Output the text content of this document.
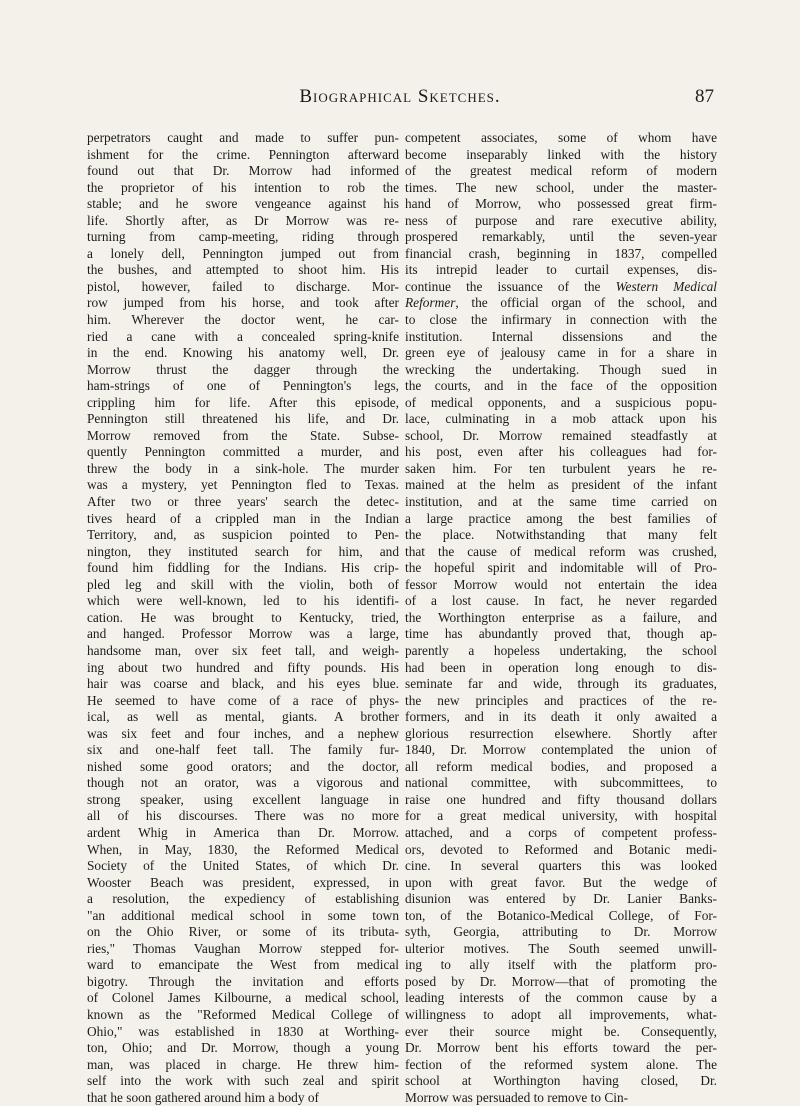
Biographical Sketches.	87
perpetrators caught and made to suffer pun-
ishment for the crime. Pennington afterward
found out that Dr. Morrow had informed
the proprietor of his intention to rob the
stable; and he swore vengeance against his
life. Shortly after, as Dr Morrow was re-
turning from camp-meeting, riding through
a lonely dell, Pennington jumped out from
the bushes, and attempted to shoot him. His
pistol, however, failed to discharge. Mor-
row jumped from his horse, and took after
him. Wherever the doctor went, he car-
ried a cane with a concealed spring-knife
in the end. Knowing his anatomy well, Dr.
Morrow thrust the dagger through the
ham-strings of one of Pennington's legs,
crippling him for life. After this episode,
Pennington still threatened his life, and Dr.
Morrow removed from the State. Subse-
quently Pennington committed a murder, and
threw the body in a sink-hole. The murder
was a mystery, yet Pennington fled to Texas.
After two or three years' search the detec-
tives heard of a crippled man in the Indian
Territory, and, as suspicion pointed to Pen-
nington, they instituted search for him, and
found him fiddling for the Indians. His crip-
pled leg and skill with the violin, both of
which were well-known, led to his identifi-
cation. He was brought to Kentucky, tried,
and hanged. Professor Morrow was a large,
handsome man, over six feet tall, and weigh-
ing about two hundred and fifty pounds. His
hair was coarse and black, and his eyes blue.
He seemed to have come of a race of phys-
ical, as well as mental, giants. A brother
was six feet and four inches, and a nephew
six and one-half feet tall. The family fur-
nished some good orators; and the doctor,
though not an orator, was a vigorous and
strong speaker, using excellent language in
all of his discourses. There was no more
ardent Whig in America than Dr. Morrow.
When, in May, 1830, the Reformed Medical
Society of the United States, of which Dr.
Wooster Beach was president, expressed, in
a resolution, the expediency of establishing
"an additional medical school in some town
on the Ohio River, or some of its tributa-
ries," Thomas Vaughan Morrow stepped for-
ward to emancipate the West from medical
bigotry. Through the invitation and efforts
of Colonel James Kilbourne, a medical school,
known as the "Reformed Medical College of
Ohio," was established in 1830 at Worthing-
ton, Ohio; and Dr. Morrow, though a young
man, was placed in charge. He threw him-
self into the work with such zeal and spirit
that he soon gathered around him a body of
competent associates, some of whom have
become inseparably linked with the history
of the greatest medical reform of modern
times. The new school, under the master-
hand of Morrow, who possessed great firm-
ness of purpose and rare executive ability,
prospered remarkably, until the seven-year
financial crash, beginning in 1837, compelled
its intrepid leader to curtail expenses, dis-
continue the issuance of the Western Medical
Reformer, the official organ of the school, and
to close the infirmary in connection with the
institution. Internal dissensions and the
green eye of jealousy came in for a share in
wrecking the undertaking. Though sued in
the courts, and in the face of the opposition
of medical opponents, and a suspicious popu-
lace, culminating in a mob attack upon his
school, Dr. Morrow remained steadfastly at
his post, even after his colleagues had for-
saken him. For ten turbulent years he re-
mained at the helm as president of the infant
institution, and at the same time carried on
a large practice among the best families of
the place. Notwithstanding that many felt
that the cause of medical reform was crushed,
the hopeful spirit and indomitable will of Pro-
fessor Morrow would not entertain the idea
of a lost cause. In fact, he never regarded
the Worthington enterprise as a failure, and
time has abundantly proved that, though ap-
parently a hopeless undertaking, the school
had been in operation long enough to dis-
seminate far and wide, through its graduates,
the new principles and practices of the re-
formers, and in its death it only awaited a
glorious resurrection elsewhere. Shortly after
1840, Dr. Morrow contemplated the union of
all reform medical bodies, and proposed a
national committee, with subcommittees, to
raise one hundred and fifty thousand dollars
for a great medical university, with hospital
attached, and a corps of competent profess-
ors, devoted to Reformed and Botanic medi-
cine. In several quarters this was looked
upon with great favor. But the wedge of
disunion was entered by Dr. Lanier Banks-
ton, of the Botanico-Medical College, of For-
syth, Georgia, attributing to Dr. Morrow
ulterior motives. The South seemed unwill-
ing to ally itself with the platform pro-
posed by Dr. Morrow—that of promoting the
leading interests of the common cause by a
willingness to adopt all improvements, what-
ever their source might be. Consequently,
Dr. Morrow bent his efforts toward the per-
fection of the reformed system alone. The
school at Worthington having closed, Dr.
Morrow was persuaded to remove to Cin-
